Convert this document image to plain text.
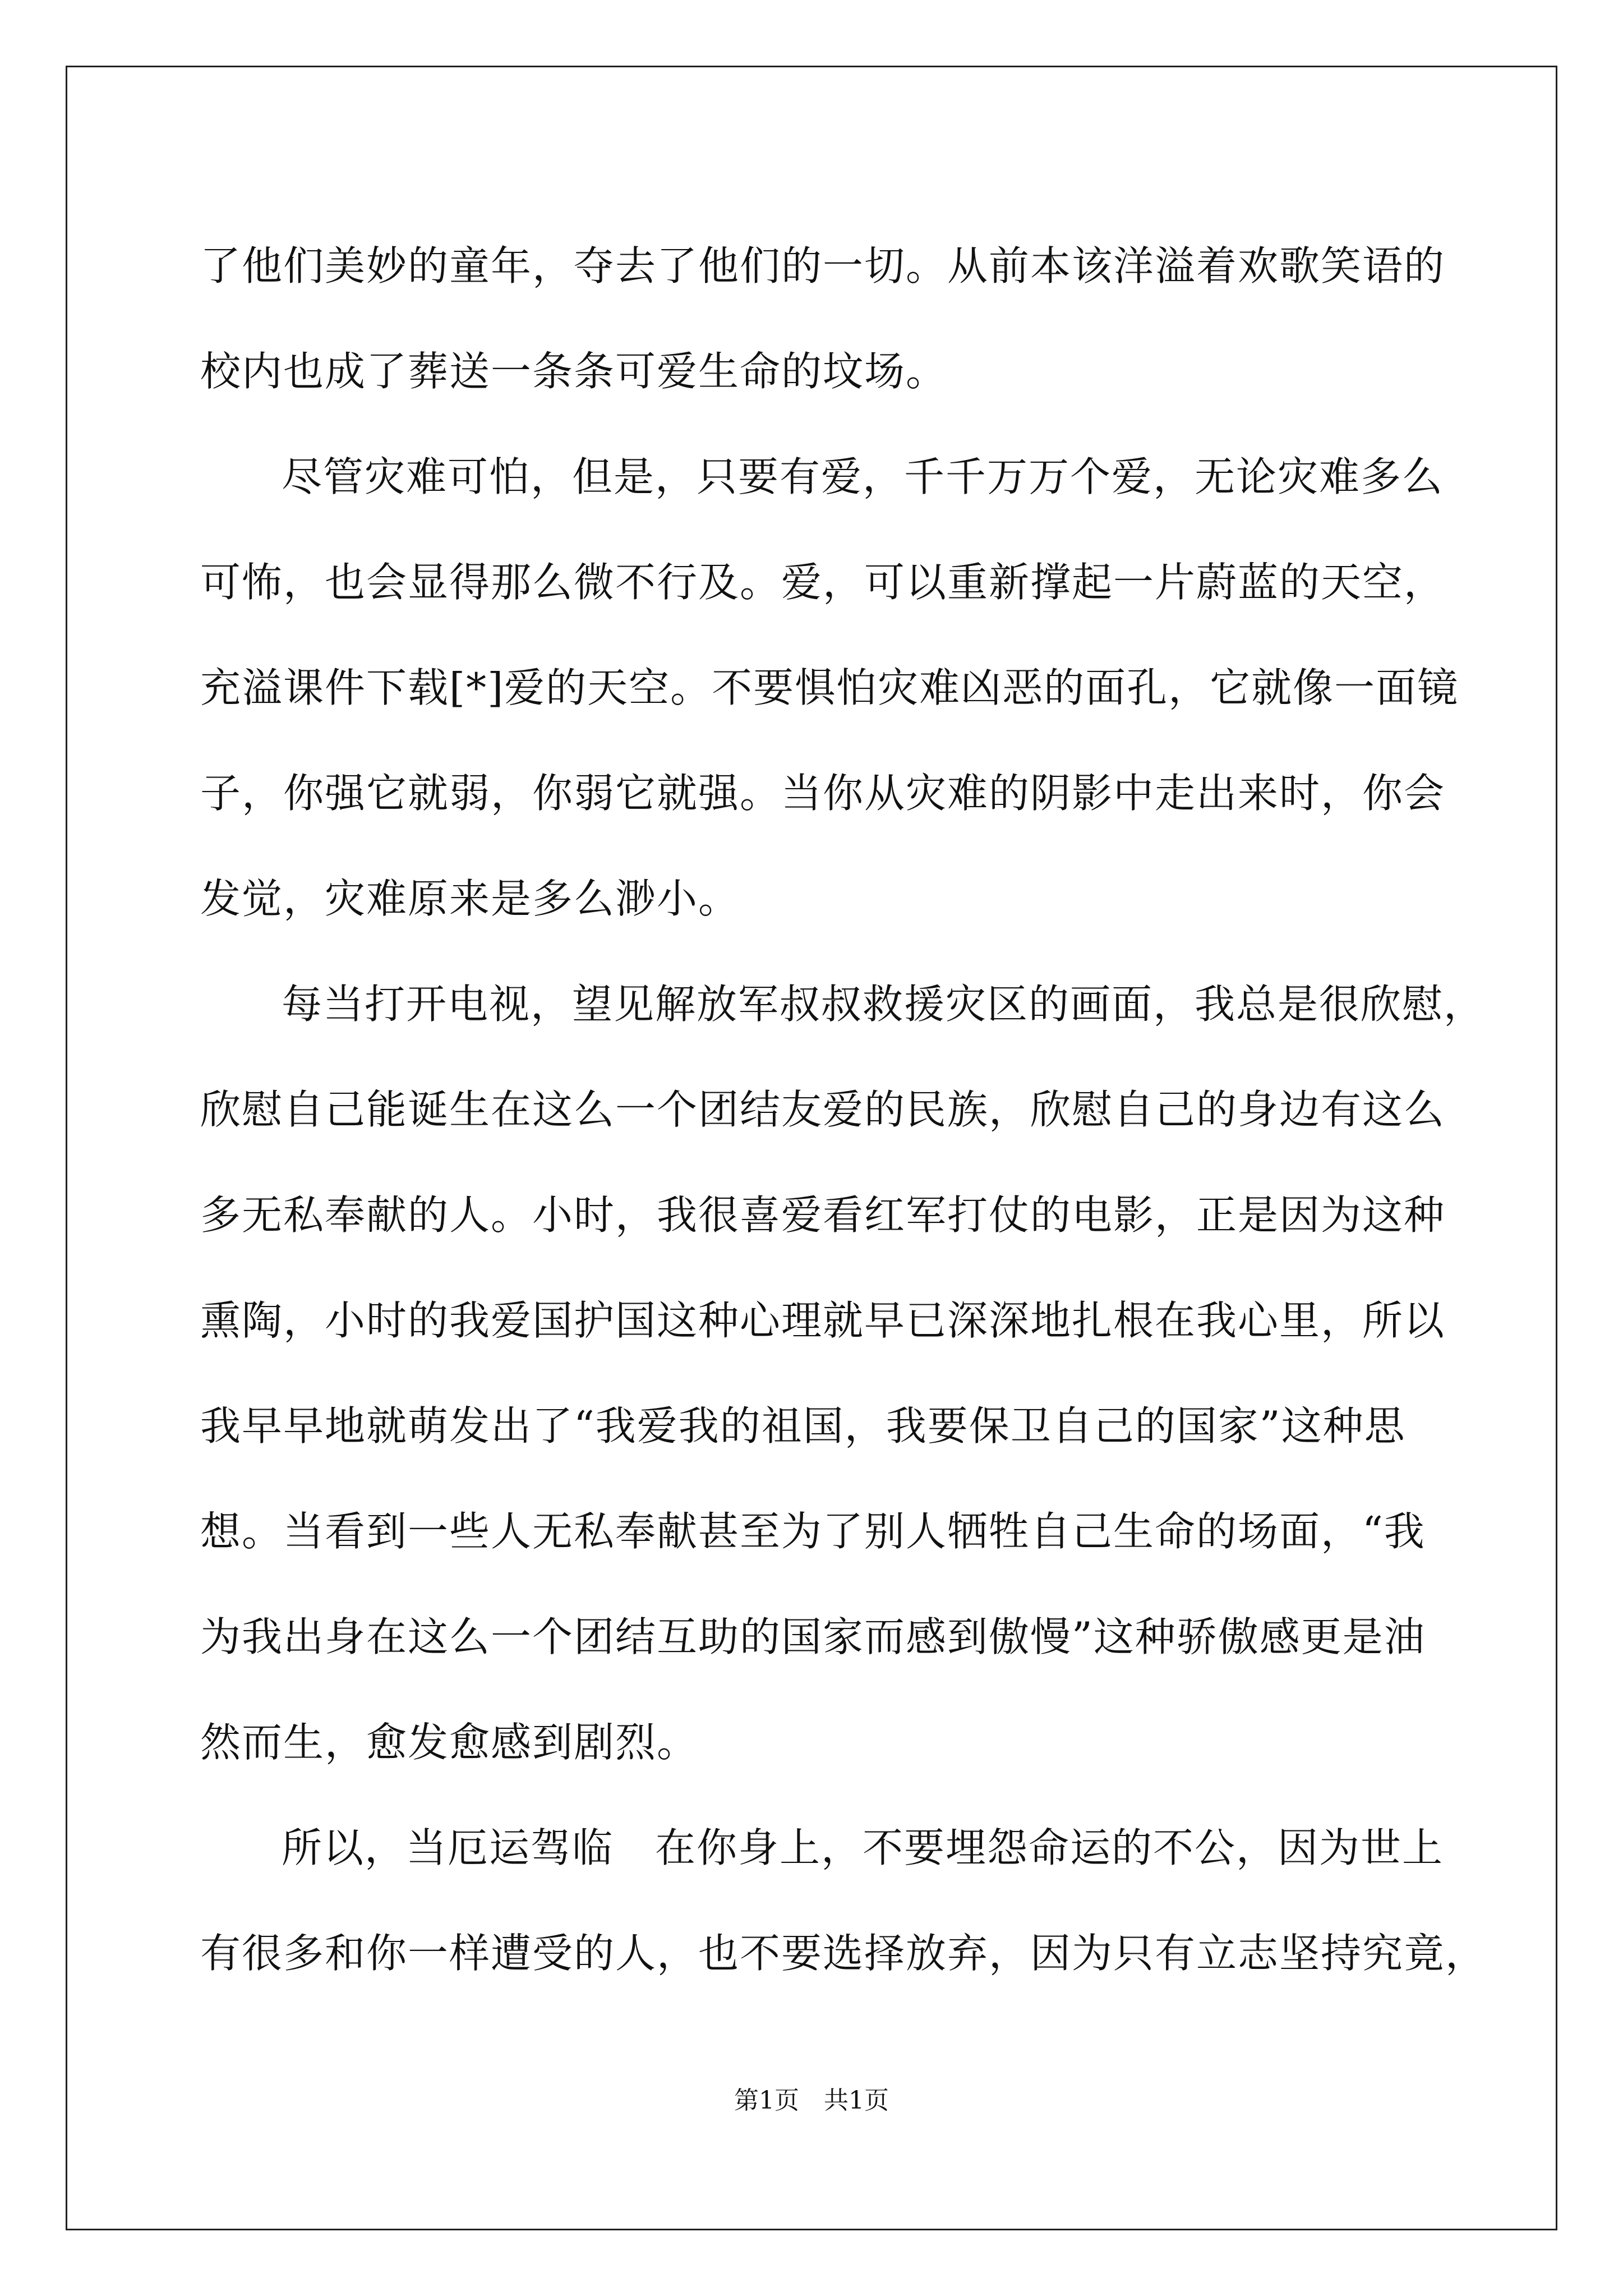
了他们美妙的童年，夺去了他们的一切。从前本该洋溢着欢歌笑语的
校内也成了葬送一条条可爱生命的坟场。
尽管灾难可怕，但是，只要有爱，千千万万个爱，无论灾难多么
可怖，也会显得那么微不行及。爱，可以重新撑起一片蔚蓝的天空，
充溢课件下载[*]爱的天空。不要惧怕灾难凶恶的面孔，它就像一面镜
子，你强它就弱，你弱它就强。当你从灾难的阴影中走出来时，你会
发觉，灾难原来是多么渺小。
每当打开电视，望见解放军叔叔救援灾区的画面，我总是很欣慰，
欣慰自己能诞生在这么一个团结友爱的民族，欣慰自己的身边有这么
多无私奉献的人。小时，我很喜爱看红军打仗的电影，正是因为这种
熏陶，小时的我爱国护国这种心理就早已深深地扎根在我心里，所以
我早早地就萌发出了“我爱我的祖国，我要保卫自己的国家”这种思
想。当看到一些人无私奉献甚至为了别人牺牲自己生命的场面，“我
为我出身在这么一个团结互助的国家而感到傲慢”这种骄傲感更是油
然而生，愈发愈感到剧烈。
所以，当厄运驾临　在你身上，不要埋怨命运的不公，因为世上
有很多和你一样遭受的人，也不要选择放弃，因为只有立志坚持究竟，
第1页　共1页
